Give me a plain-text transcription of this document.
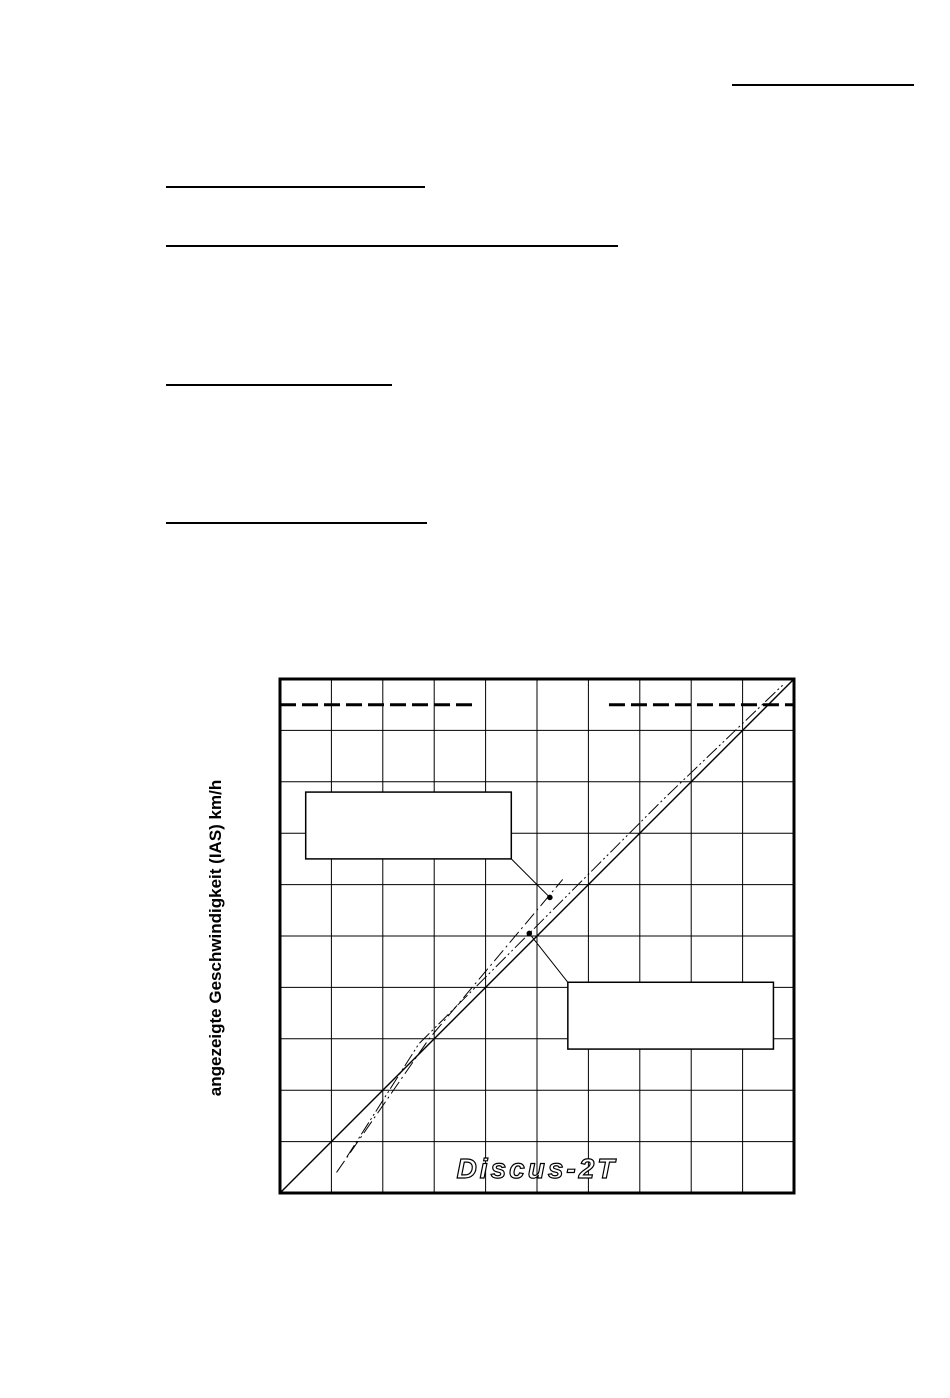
angezeigte Geschwindigkeit (IAS) km/h
Discus-2T
